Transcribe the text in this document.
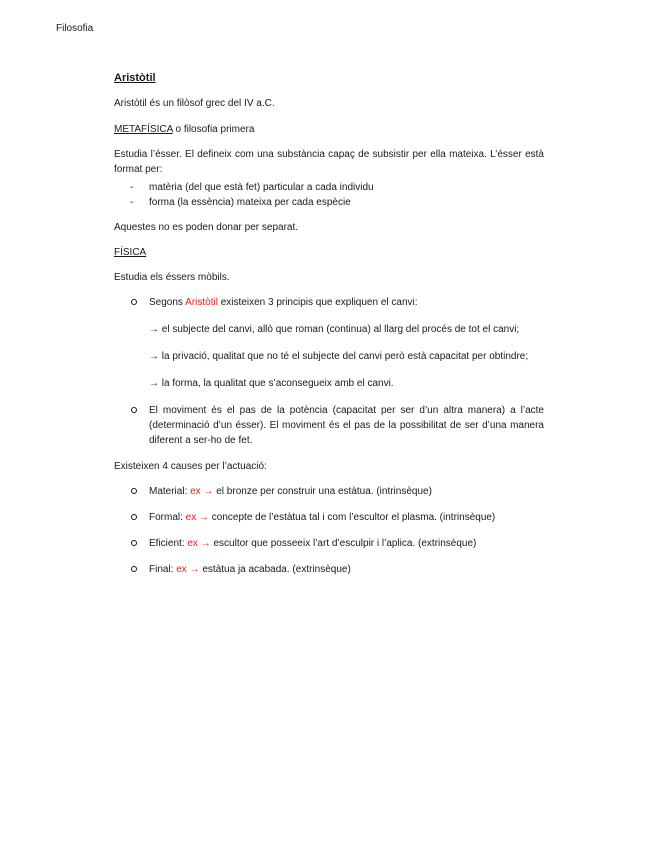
Filosofia

Aristòtil

Aristòtil és un filòsof grec del IV a.C.

METAFÍSICA o filosofia primera

Estudia l’ésser. El defineix com una substància capaç de subsistir per ella mateixa. L’ésser està format per:

- matèria (del que està fet) particular a cada individu
- forma (la essència) mateixa per cada espècie

Aquestes no es poden donar per separat.

FÍSICA

Estudia els éssers mòbils.

Segons Aristòtil existeixen 3 principis que expliquen el canvi:
→ el subjecte del canvi, allò que roman (continua) al llarg del procés de tot el canvi;
→ la privació, qualitat que no té el subjecte del canvi però està capacitat per obtindre;
→ la forma, la qualitat que s’aconsegueix amb el canvi.
El moviment és el pas de la potència (capacitat per ser d’un altra manera) a l’acte (determinació d’un ésser). El moviment és el pas de la possibilitat de ser d’una manera diferent a ser-ho de fet.

Existeixen 4 causes per l’actuació:

Material: ex → el bronze per construir una estàtua. (intrinsèque)
Formal: ex → concepte de l’estàtua tal i com l’escultor el plasma. (intrinsèque)
Eficient: ex → escultor que posseeix l’art d’esculpir i l’aplica. (extrinsèque)
Final: ex → estàtua ja acabada. (extrinsèque)
